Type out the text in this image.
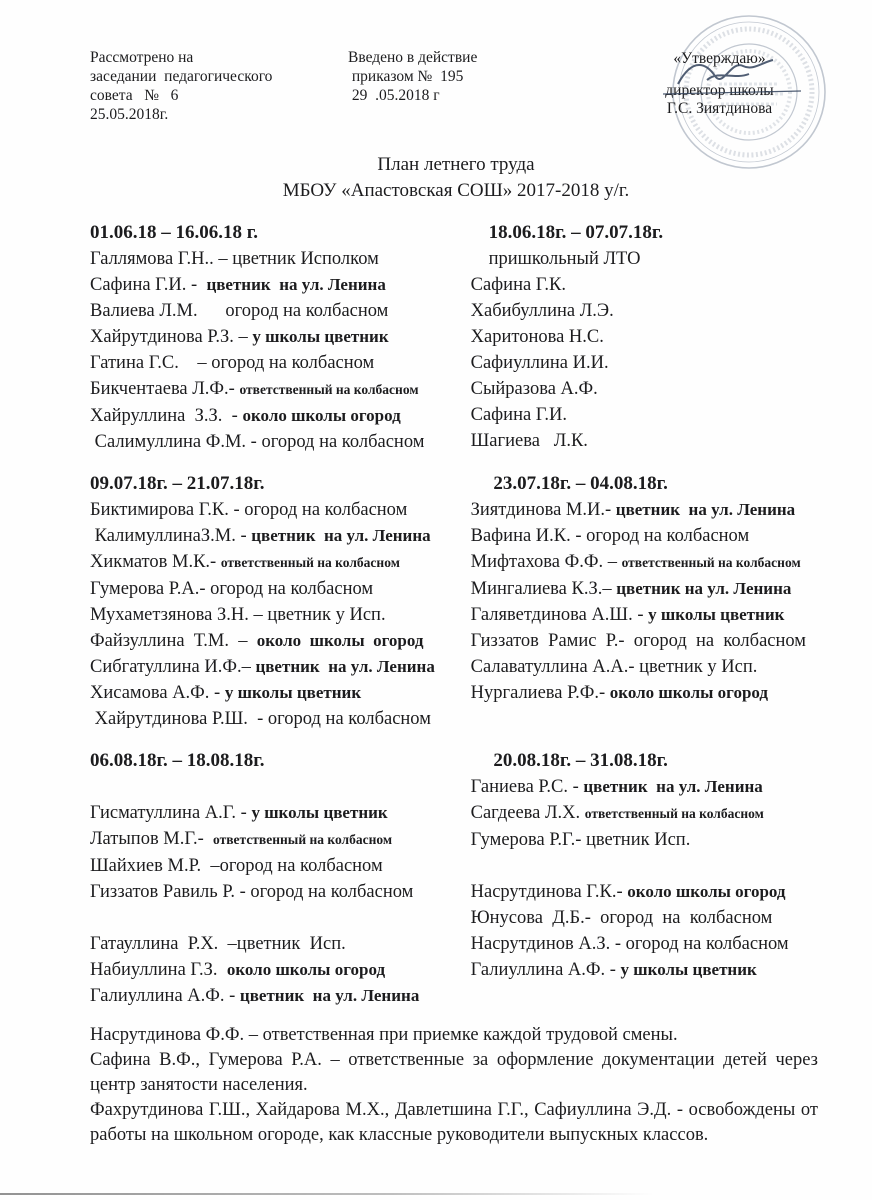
Рассмотрено на
заседании  педагогического
совета   №   6
25.05.2018г.
Введено в действие
приказом №  195
29  .05.2018 г
«Утверждаю»
директор школы
Г.С. Зиятдинова
План летнего труда
МБОУ «Апастовская СОШ» 2017-2018 у/г.
01.06.18 – 16.06.18 г.
Галлямова Г.Н.. – цветник Исполком
Сафина Г.И. -  цветник  на ул. Ленина
Валиева Л.М.      огород на колбасном
Хайрутдинова Р.З. – у школы цветник
Гатина Г.С.    – огород на колбасном
Бикчентаева Л.Ф.- ответственный на колбасном
Хайруллина  З.З.  - около школы огород
Салимуллина Ф.М. - огород на колбасном
18.06.18г. – 07.07.18г.
пришкольный ЛТО
Сафина Г.К.
Хабибуллина Л.Э.
Харитонова Н.С.
Сафиуллина И.И.
Сыйразова А.Ф.
Сафина Г.И.
Шагиева   Л.К.
09.07.18г. – 21.07.18г.
Биктимирова Г.К. - огород на колбасном
КалимуллинаЗ.М. - цветник  на ул. Ленина
Хикматов М.К.- ответственный на колбасном
Гумерова Р.А.- огород на колбасном
Мухаметзянова З.Н. – цветник у Исп.
Файзуллина  Т.М.  –  около  школы  огород
Сибгатуллина И.Ф.– цветник  на ул. Ленина
Хисамова А.Ф. - у школы цветник
Хайрутдинова Р.Ш.  - огород на колбасном
23.07.18г. – 04.08.18г.
Зиятдинова М.И.- цветник  на ул. Ленина
Вафина И.К. - огород на колбасном
Мифтахова Ф.Ф. – ответственный на колбасном
Мингалиева К.З.– цветник на ул. Ленина
Галяветдинова А.Ш. - у школы цветник
Гиззатов  Рамис  Р.-  огород  на  колбасном
Салаватуллина А.А.- цветник у Исп.
Нургалиева Р.Ф.- около школы огород
06.08.18г. – 18.08.18г.
Гисматуллина А.Г. - у школы цветник
Латыпов М.Г.-  ответственный на колбасном
Шайхиев М.Р.  –огород на колбасном
Гиззатов Равиль Р. - огород на колбасном
Гатауллина  Р.Х.  –цветник  Исп.
Набиуллина Г.З.  около школы огород
Галиуллина А.Ф. - цветник  на ул. Ленина
20.08.18г. – 31.08.18г.
Ганиева Р.С. - цветник  на ул. Ленина
Сагдеева Л.Х. ответственный на колбасном
Гумерова Р.Г.- цветник Исп.
Насрутдинова Г.К.- около школы огород
Юнусова  Д.Б.-  огород  на  колбасном
Насрутдинов А.З. - огород на колбасном
Галиуллина А.Ф. - у школы цветник

Насрутдинова Ф.Ф. – ответственная при приемке каждой трудовой смены.

Сафина В.Ф., Гумерова Р.А. – ответственные за оформление документации детей через центр занятости населения.

Фахрутдинова Г.Ш., Хайдарова М.Х., Давлетшина Г.Г., Сафиуллина Э.Д. - освобождены от работы на школьном огороде, как классные руководители выпускных классов.
